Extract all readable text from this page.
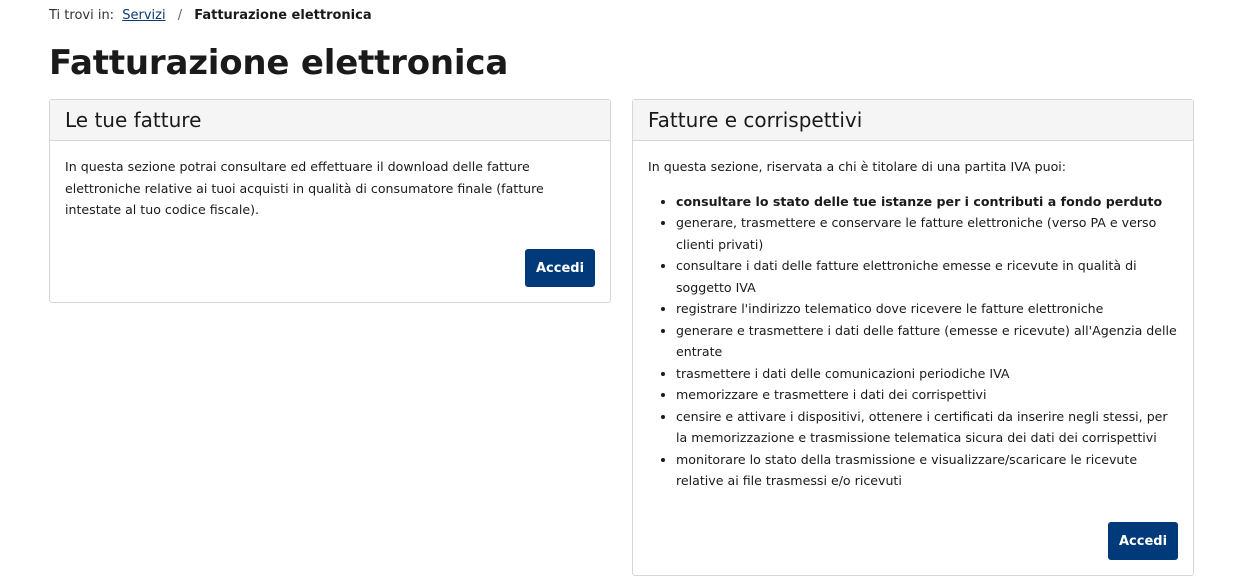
Ti trovi in: Servizi / Fatturazione elettronica
Fatturazione elettronica
Le tue fatture

In questa sezione potrai consultare ed effettuare il download delle fatture elettroniche relative ai tuoi acquisti in qualità di consumatore finale (fatture intestate al tuo codice fiscale).

Accedi
Fatture e corrispettivi

In questa sezione, riservata a chi è titolare di una partita IVA puoi:

• consultare lo stato delle tue istanze per i contributi a fondo perduto
• generare, trasmettere e conservare le fatture elettroniche (verso PA e verso clienti privati)
• consultare i dati delle fatture elettroniche emesse e ricevute in qualità di soggetto IVA
• registrare l'indirizzo telematico dove ricevere le fatture elettroniche
• generare e trasmettere i dati delle fatture (emesse e ricevute) all'Agenzia delle entrate
• trasmettere i dati delle comunicazioni periodiche IVA
• memorizzare e trasmettere i dati dei corrispettivi
• censire e attivare i dispositivi, ottenere i certificati da inserire negli stessi, per la memorizzazione e trasmissione telematica sicura dei dati dei corrispettivi
• monitorare lo stato della trasmissione e visualizzare/scaricare le ricevute relative ai file trasmessi e/o ricevuti
Accedi
